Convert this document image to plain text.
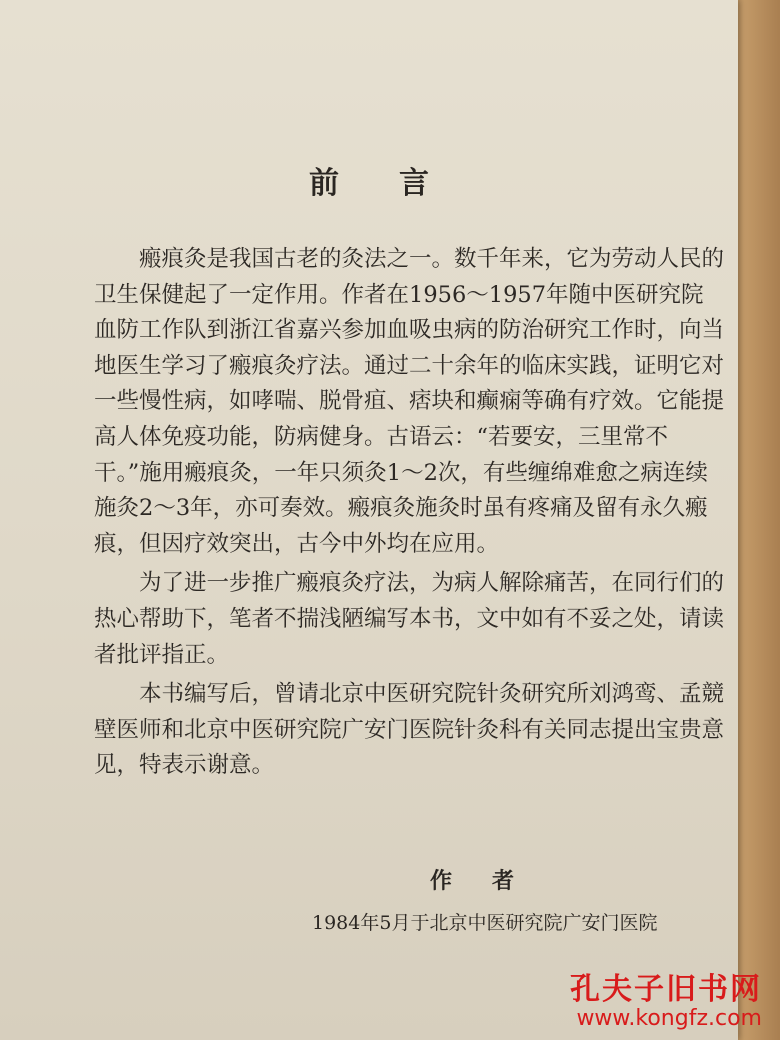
前言

瘢痕灸是我国古老的灸法之一。数千年来，它为劳动人民的卫生保健起了一定作用。作者在1956～1957年随中医研究院血防工作队到浙江省嘉兴参加血吸虫病的防治研究工作时，向当地医生学习了瘢痕灸疗法。通过二十余年的临床实践，证明它对一些慢性病，如哮喘、脱骨疽、痞块和癫痫等确有疗效。它能提高人体免疫功能，防病健身。古语云：“若要安，三里常不干。”施用瘢痕灸，一年只须灸1～2次，有些缠绵难愈之病连续施灸2～3年，亦可奏效。瘢痕灸施灸时虽有疼痛及留有永久瘢痕，但因疗效突出，古今中外均在应用。

为了进一步推广瘢痕灸疗法，为病人解除痛苦，在同行们的热心帮助下，笔者不揣浅陋编写本书，文中如有不妥之处，请读者批评指正。

本书编写后，曾请北京中医研究院针灸研究所刘鸿鸾、孟競壁医师和北京中医研究院广安门医院针灸科有关同志提出宝贵意见，特表示谢意。

作者
1984年5月于北京中医研究院广安门医院
孔夫子旧书网
www.kongfz.com
